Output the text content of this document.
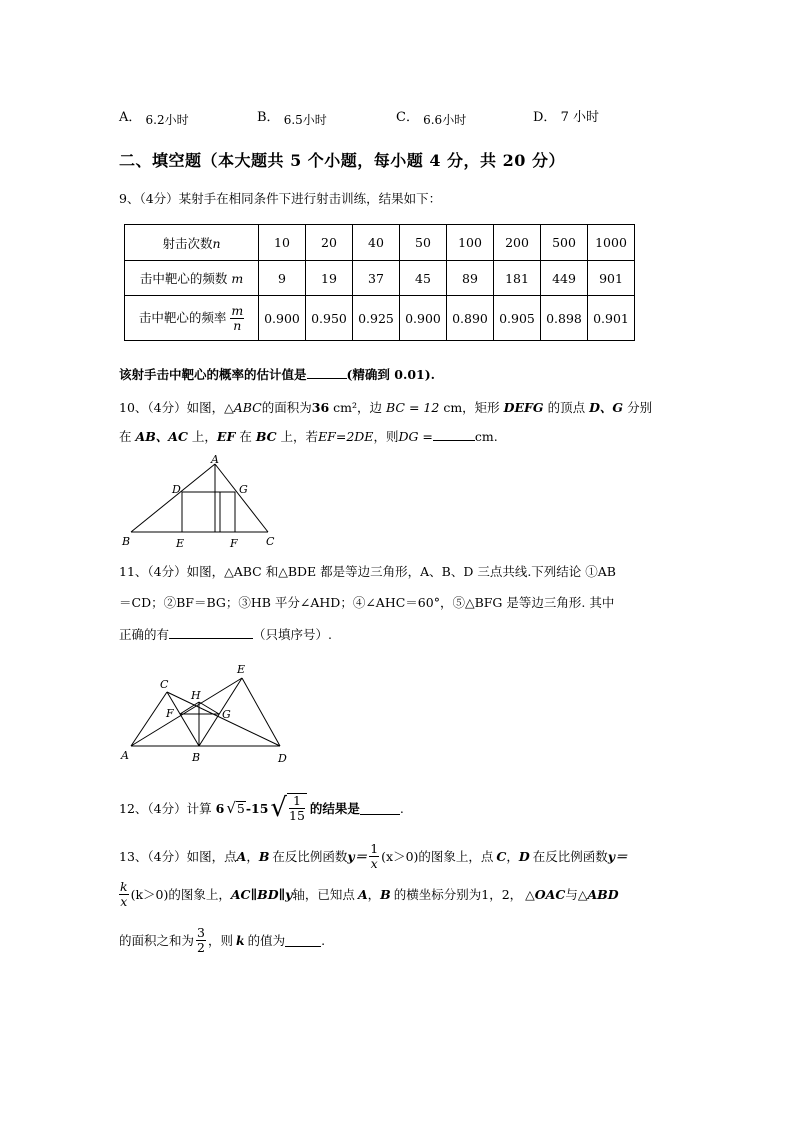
A． 6.2小时	B． 6.5小时	C． 6.6小时	D． 7 小时
二、填空题（本大题共 5 个小题，每小题 4 分，共 20 分）
9、（4分）某射手在相同条件下进行射击训练，结果如下：
射击次数n	10	20	40	50	100	200	500	1000
击中靶心的频数 m	9	19	37	45	89	181	449	901
击中靶心的频率 $\frac{m}{n}$	0.900	0.950	0.925	0.900	0.890	0.905	0.898	0.901
该射手击中靶心的概率的估计值是	(精确到 0.01).
10、（4分）如图，△ABC的面积为36 cm²，边 BC = 12 cm，矩形 DEFG 的顶点 D、G 分别
在 AB、AC 上，EF 在 BC 上，若EF=2DE，则DG =	cm.
A
B	C
D
E	F
G
11、（4分）如图，△ABC 和△BDE 都是等边三角形，A、B、D 三点共线.下列结论 ①AB
＝CD；②BF＝BG；③HB 平分∠AHD；④∠AHC＝60°，⑤△BFG 是等边三角形. 其中
正确的有	（只填序号）.
A	B
C
D
E
F	G
H
12、（4分）计算 6 √ 5 -15 √ $\frac{1}{15}$ 的结果是	.
13、（4分）如图，点 A ， B 在反比例函数 $y= \frac{1}{x} (x>0)$的图象上，点 C ， D 在反比例函数 y＝
$\frac{k}{x} (k>0)$的图象上， AC∥BD∥y 轴，已知点 A ， B 的横坐标分别为 1，2， △OAC 与 △ABD
的面积之和为 $\frac{3}{2}$ ，则 k 的值为	.
